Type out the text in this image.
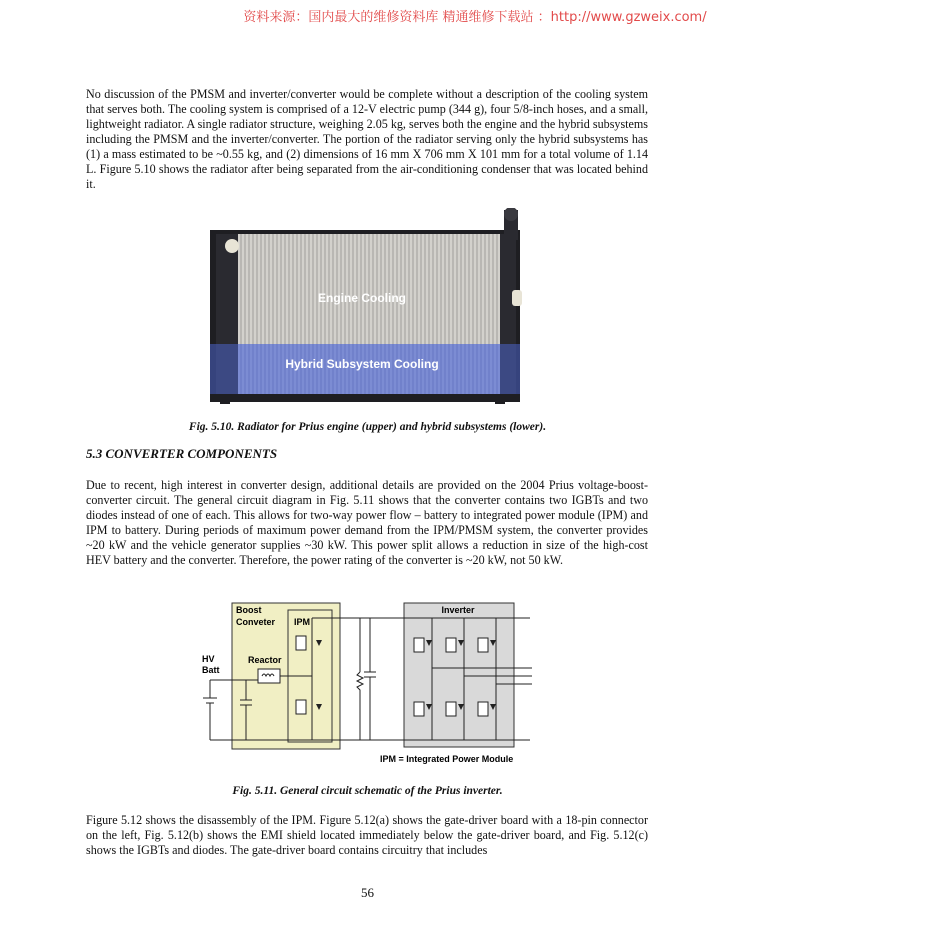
资料来源：国内最大的维修资料库 精通维修下载站 ：http://www.gzweix.com/

No discussion of the PMSM and inverter/converter would be complete without a description of the cooling system that serves both. The cooling system is comprised of a 12-V electric pump (344 g), four 5/8-inch hoses, and a small, lightweight radiator. A single radiator structure, weighing 2.05 kg, serves both the engine and the hybrid subsystems including the PMSM and the inverter/converter. The portion of the radiator serving only the hybrid subsystems has (1) a mass estimated to be ~0.55 kg, and (2) dimensions of 16 mm X 706 mm X 101 mm for a total volume of 1.14 L. Figure 5.10 shows the radiator after being separated from the air-conditioning condenser that was located behind it.

Engine Cooling
Hybrid Subsystem Cooling

Fig. 5.10. Radiator for Prius engine (upper) and hybrid subsystems (lower).

5.3 CONVERTER COMPONENTS

Due to recent, high interest in converter design, additional details are provided on the 2004 Prius voltage-boost-converter circuit. The general circuit diagram in Fig. 5.11 shows that the converter contains two IGBTs and two diodes instead of one of each. This allows for two-way power flow – battery to integrated power module (IPM) and IPM to battery. During periods of maximum power demand from the IPM/PMSM system, the converter provides ~20 kW and the vehicle generator supplies ~30 kW. This power split allows a reduction in size of the high-cost HEV battery and the converter. Therefore, the power rating of the converter is ~20 kW, not 50 kW.

Boost
Conveter IPM
Inverter
HV
Batt
Reactor
IPM = Integrated Power Module

Fig. 5.11. General circuit schematic of the Prius inverter.

Figure 5.12 shows the disassembly of the IPM. Figure 5.12(a) shows the gate-driver board with a 18-pin connector on the left, Fig. 5.12(b) shows the EMI shield located immediately below the gate-driver board, and Fig. 5.12(c) shows the IGBTs and diodes. The gate-driver board contains circuitry that includes

56
